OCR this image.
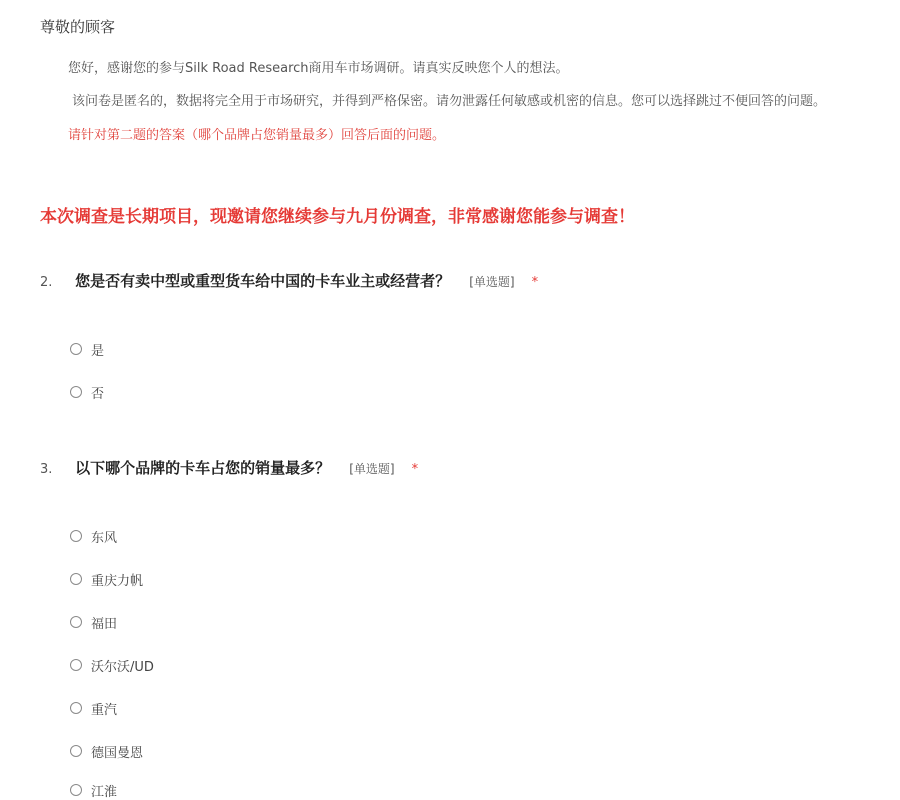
尊敬的顾客
您好，感谢您的参与Silk Road Research商用车市场调研。请真实反映您个人的想法。
该问卷是匿名的，数据将完全用于市场研究，并得到严格保密。请勿泄露任何敏感或机密的信息。您可以选择跳过不便回答的问题。
请针对第二题的答案（哪个品牌占您销量最多）回答后面的问题。
本次调查是长期项目，现邀请您继续参与九月份调查，非常感谢您能参与调查！
2. 您是否有卖中型或重型货车给中国的卡车业主或经营者？ [单选题] *
是
否
3. 以下哪个品牌的卡车占您的销量最多？ [单选题] *
东风
重庆力帆
福田
沃尔沃/UD
重汽
德国曼恩
江淮
